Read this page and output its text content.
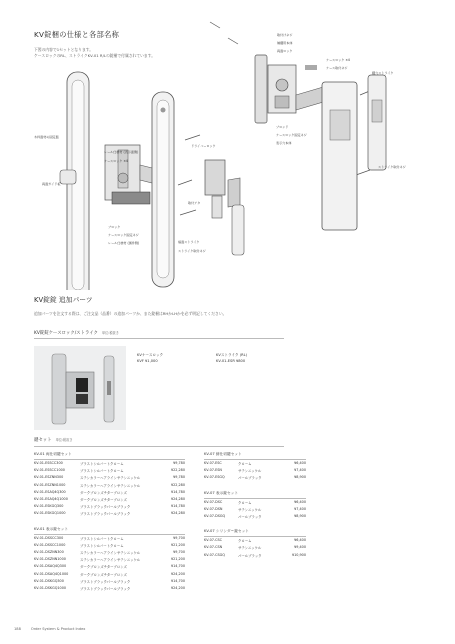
KV錠梱の仕様と各部名称
下図の内容で1セットとなります。
ケースロックのRL、ストライクKV-01 R/Lの錠梱で付属されています。
取付けネジ
補鍵用本体
両面ロック
ケースロック ×4
ケース取付ネジ
鍵穴ストライク
プロンド
ケースロック固定ネジ
表示穴本体
ストライク取付ネジ
木枠面材の固定盤
レール仕様材 (表示面側)
ケースロック ×4
両面ガイド板
ドライバーロック
取付アタ
ブロック
ケースロック固定ネジ
レール仕様材 (裏件側)	端面ストライク
ストライク取付ネジ
KV錠錠 追加パーツ
追加パーツを注文する際は、ご注文品（品番）の追加パーツか、また錠梱はRHかLHかを必ず明記してください。
KV錠錠ケースロック/ストライク 単位:税抜き
KVケースロック
KVF ¥1,000
KVストライク (RL)
KV-01-ESR ¥800
鍵セット 単位:税抜き
KV-01 両仕切鍵セット
KV-01-ESSCC300	ブラストシルバートクローム	¥9,780
KV-01-ESSCC1000	ブラストシルバートクローム	¥22,280
KV-01-ESZNN300	ステンカラーヘアラインサテンニッケル	¥9,780
KV-01-ESZNN1000	ステンカラーヘアラインサテンニッケル	¥22,280
KV-01-ESAQ4Q300	ダークブロンズチターブロンズ	¥14,780
KV-01-ESAQ4Q1000	ダークブロンズチターブロンズ	¥24,280
KV-01-ESKGQ300	ブラストブラックパールブラック	¥14,780
KV-01-ESKGQ1000	ブラストブラックパールブラック	¥24,280
KV-01 表示錠セット
KV-01-DSSCC300	ブラストシルバートクローム	¥9,700
KV-01-DSSCC1000	ブラストシルバートクローム	¥21,200
KV-01-DSZNN300	ステンカラーヘアラインサテンニッケル	¥9,700
KV-01-DSZNN1000	ステンカラーヘアラインサテンニッケル	¥21,200
KV-01-DSAQ4Q300	ダークブロンズチターブロンズ	¥14,700
KV-01-DSAQ4Q1000	ダークブロンズチターブロンズ	¥24,200
KV-01-DSKGQ300	ブラストブラックパールブラック	¥14,700
KV-01-DSKGQ1000	ブラストブラックパールブラック	¥24,200
KV-07 締仕切鍵セット
KV-07-ESC	クローム	¥6,400
KV-07-ESN	サテンニッケル	¥7,400
KV-07-ESGQ	パールブラック	¥8,900
KV-07 表示錠セット
KV-07-DSC	クローム	¥6,400
KV-07-DSN	サテンニッケル	¥7,400
KV-07-DSGQ	パールブラック	¥8,900
KV-07 シリンダー錠セット
KV-07-CSC	クローム	¥6,400
KV-07-CSN	サテンニッケル	¥9,400
KV-07-CSGQ	パールブラック	¥10,900
188	Order System & Product Index
